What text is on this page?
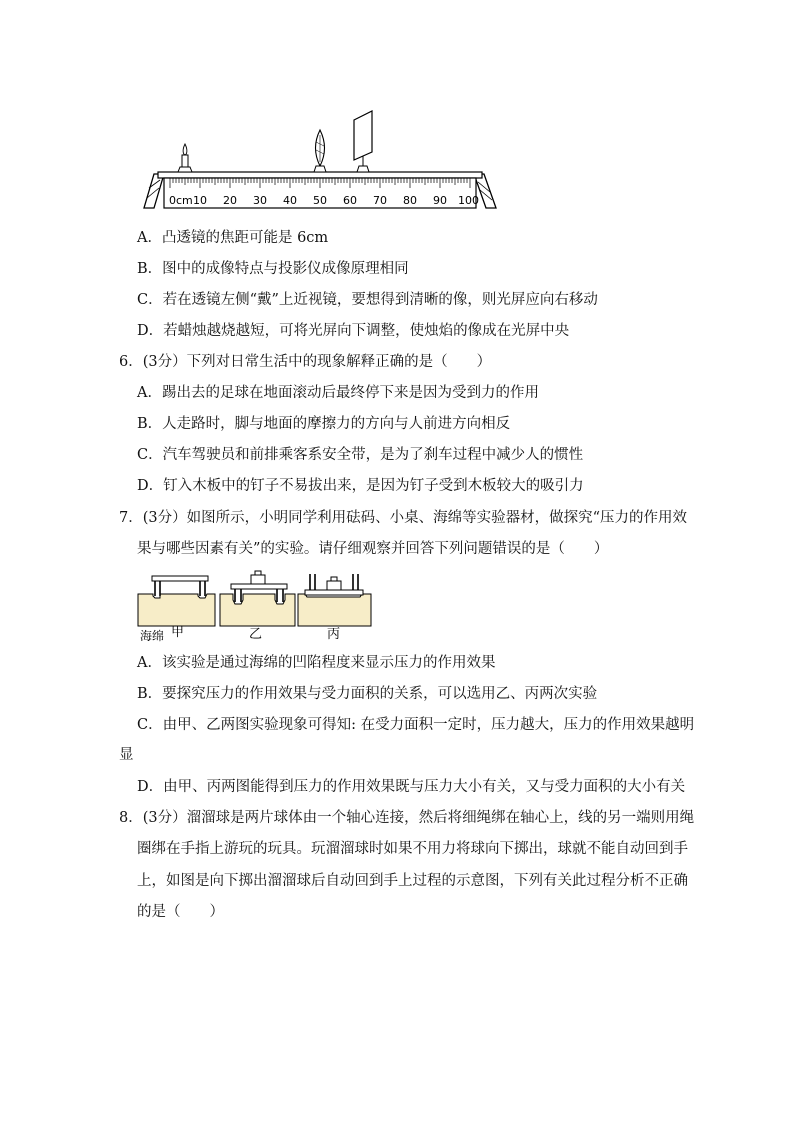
0cm 10 20 30 40 50 60 70 80 90 100
A．凸透镜的焦距可能是 6cm
B．图中的成像特点与投影仪成像原理相同
C．若在透镜左侧“戴”上近视镜，要想得到清晰的像，则光屏应向右移动
D．若蜡烛越烧越短，可将光屏向下调整，使烛焰的像成在光屏中央
6．(3分）下列对日常生活中的现象解释正确的是（　　）
A．踢出去的足球在地面滚动后最终停下来是因为受到力的作用
B．人走路时，脚与地面的摩擦力的方向与人前进方向相反
C．汽车驾驶员和前排乘客系安全带，是为了刹车过程中减少人的惯性
D．钉入木板中的钉子不易拔出来，是因为钉子受到木板较大的吸引力
7．(3分）如图所示，小明同学利用砝码、小桌、海绵等实验器材，做探究“压力的作用效
果与哪些因素有关”的实验。请仔细观察并回答下列问题错误的是（　　）
海绵 甲	乙	丙
A．该实验是通过海绵的凹陷程度来显示压力的作用效果
B．要探究压力的作用效果与受力面积的关系，可以选用乙、丙两次实验
C．由甲、乙两图实验现象可得知: 在受力面积一定时，压力越大，压力的作用效果越明
显
D．由甲、丙两图能得到压力的作用效果既与压力大小有关，又与受力面积的大小有关
8．(3分）溜溜球是两片球体由一个轴心连接，然后将细绳绑在轴心上，线的另一端则用绳
圈绑在手指上游玩的玩具。玩溜溜球时如果不用力将球向下掷出，球就不能自动回到手
上，如图是向下掷出溜溜球后自动回到手上过程的示意图，下列有关此过程分析不正确
的是（　　）
